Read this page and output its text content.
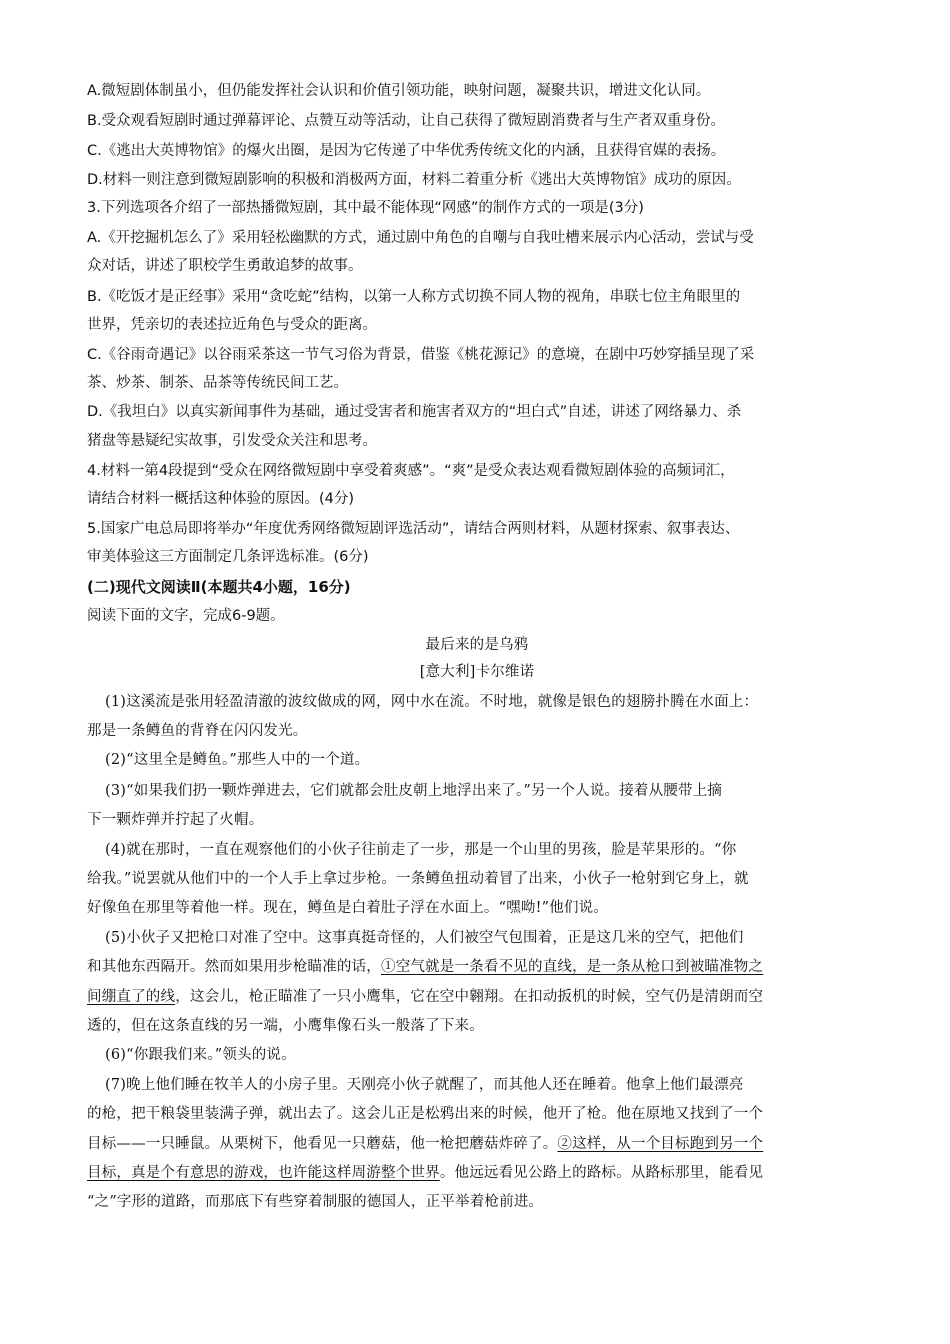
A.微短剧体制虽小，但仍能发挥社会认识和价值引领功能，映射问题，凝聚共识，增进文化认同。
B.受众观看短剧时通过弹幕评论、点赞互动等活动，让自己获得了微短剧消费者与生产者双重身份。
C.《逃出大英博物馆》的爆火出圈，是因为它传递了中华优秀传统文化的内涵，且获得官媒的表扬。
D.材料一则注意到微短剧影响的积极和消极两方面，材料二着重分析《逃出大英博物馆》成功的原因。
3.下列选项各介绍了一部热播微短剧，其中最不能体现“网感”的制作方式的一项是(3分)
A.《开挖掘机怎么了》采用轻松幽默的方式，通过剧中角色的自嘲与自我吐槽来展示内心活动，尝试与受
众对话，讲述了职校学生勇敢追梦的故事。
B.《吃饭才是正经事》采用“贪吃蛇”结构，以第一人称方式切换不同人物的视角，串联七位主角眼里的
世界，凭亲切的表述拉近角色与受众的距离。
C.《谷雨奇遇记》以谷雨采茶这一节气习俗为背景，借鉴《桃花源记》的意境，在剧中巧妙穿插呈现了采
茶、炒茶、制茶、品茶等传统民间工艺。
D.《我坦白》以真实新闻事件为基础，通过受害者和施害者双方的“坦白式”自述，讲述了网络暴力、杀
猪盘等悬疑纪实故事，引发受众关注和思考。
4.材料一第4段提到“受众在网络微短剧中享受着爽感”。“爽”是受众表达观看微短剧体验的高频词汇，
请结合材料一概括这种体验的原因。(4分)
5.国家广电总局即将举办“年度优秀网络微短剧评选活动”，请结合两则材料，从题材探索、叙事表达、
审美体验这三方面制定几条评选标准。(6分)
(二)现代文阅读Ⅱ(本题共4小题，16分)
阅读下面的文字，完成6-9题。
最后来的是乌鸦
[意大利]卡尔维诺
(1)这溪流是张用轻盈清澈的波纹做成的网，网中水在流。不时地，就像是银色的翅膀扑腾在水面上：
那是一条鳟鱼的背脊在闪闪发光。
(2)“这里全是鳟鱼。”那些人中的一个道。
(3)“如果我们扔一颗炸弹进去，它们就都会肚皮朝上地浮出来了。”另一个人说。接着从腰带上摘
下一颗炸弹并拧起了火帽。
(4)就在那时，一直在观察他们的小伙子往前走了一步，那是一个山里的男孩，脸是苹果形的。“你
给我。”说罢就从他们中的一个人手上拿过步枪。一条鳟鱼扭动着冒了出来，小伙子一枪射到它身上，就
好像鱼在那里等着他一样。现在，鳟鱼是白着肚子浮在水面上。“嘿呦!”他们说。
(5)小伙子又把枪口对准了空中。这事真挺奇怪的，人们被空气包围着，正是这几米的空气，把他们
和其他东西隔开。然而如果用步枪瞄准的话，①空气就是一条看不见的直线，是一条从枪口到被瞄准物之
间绷直了的线，这会儿，枪正瞄准了一只小鹰隼，它在空中翱翔。在扣动扳机的时候，空气仍是清朗而空
透的，但在这条直线的另一端，小鹰隼像石头一般落了下来。
(6)“你跟我们来。”领头的说。
(7)晚上他们睡在牧羊人的小房子里。天刚亮小伙子就醒了，而其他人还在睡着。他拿上他们最漂亮
的枪，把干粮袋里装满子弹，就出去了。这会儿正是松鸦出来的时候，他开了枪。他在原地又找到了一个
目标——一只睡鼠。从栗树下，他看见一只蘑菇，他一枪把蘑菇炸碎了。②这样，从一个目标跑到另一个
目标，真是个有意思的游戏，也许能这样周游整个世界。他远远看见公路上的路标。从路标那里，能看见
“之”字形的道路，而那底下有些穿着制服的德国人，正平举着枪前进。
